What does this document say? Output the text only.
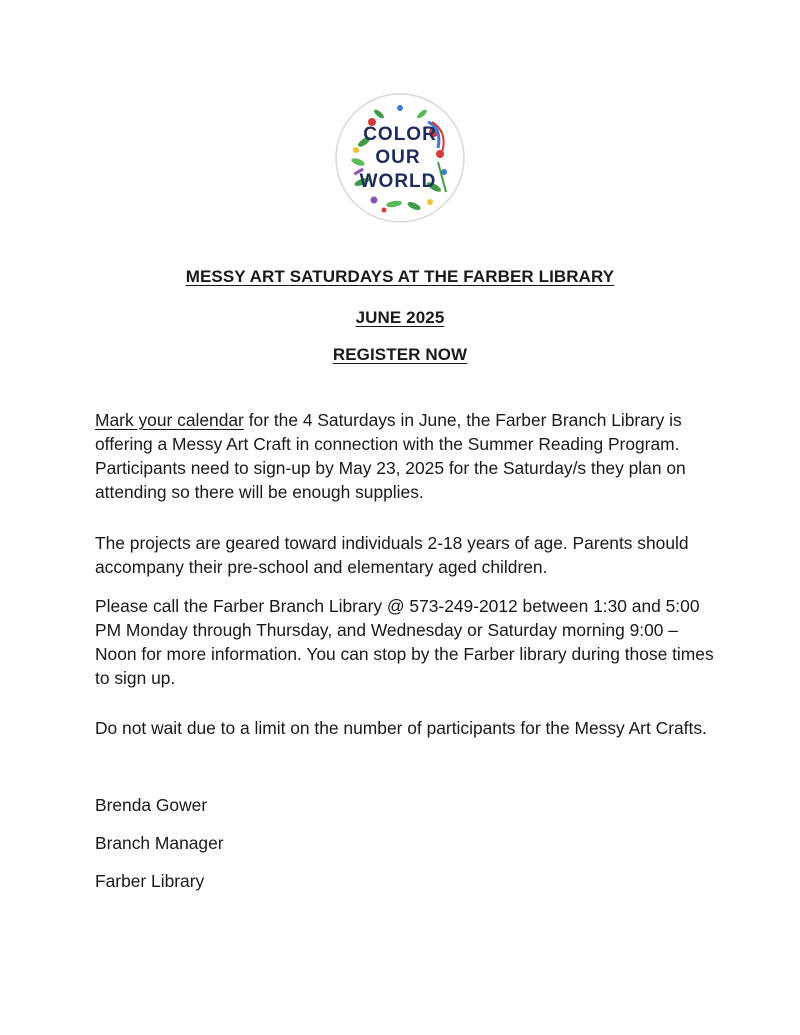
COLOR
OUR
WORLD
MESSY ART SATURDAYS AT THE FARBER LIBRARY
JUNE 2025
REGISTER NOW

Mark your calendar for the 4 Saturdays in June, the Farber Branch Library is offering a Messy Art Craft in connection with the Summer Reading Program. Participants need to sign-up by May 23, 2025 for the Saturday/s they plan on attending so there will be enough supplies.

The projects are geared toward individuals 2-18 years of age. Parents should accompany their pre-school and elementary aged children.

Please call the Farber Branch Library @ 573-249-2012 between 1:30 and 5:00 PM Monday through Thursday, and Wednesday or Saturday morning 9:00 – Noon for more information. You can stop by the Farber library during those times to sign up.

Do not wait due to a limit on the number of participants for the Messy Art Crafts.

Brenda Gower
Branch Manager
Farber Library
